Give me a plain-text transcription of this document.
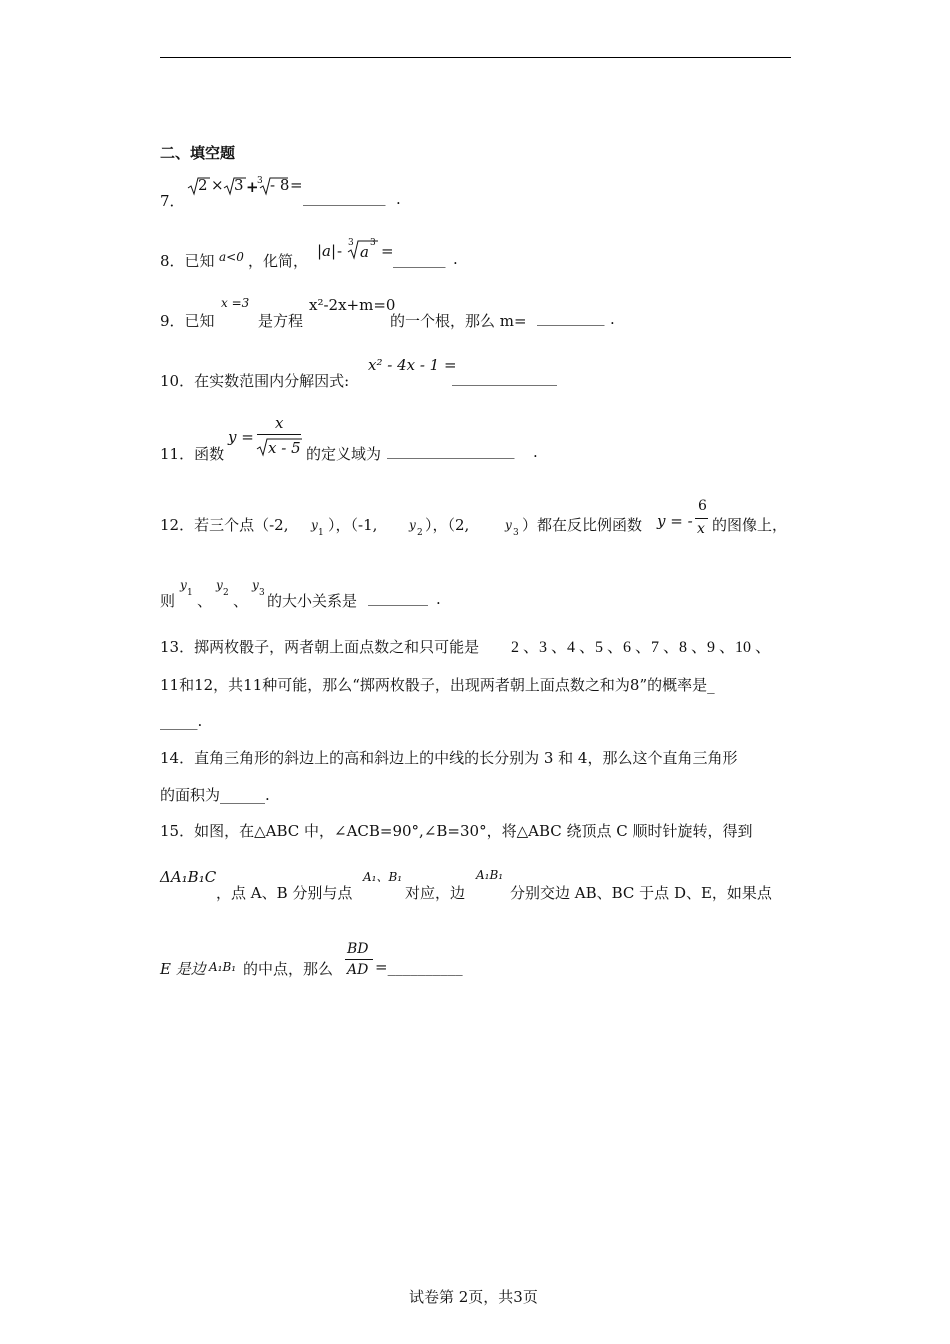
二、填空题
7．
2 × 3 +
3 - 8 =
___________ .
8．已知 a<0 ，化简，
|a| - 3 a 3 = _______ .
9．已知
x =3
是方程
x²-2x+m=0
的一个根，那么 m= _________ .
10．在实数范围内分解因式:
x² - 4x - 1 =
______________
11．函数
y =
x
x - 5 的定义域为 _________________ .
12．若三个点（-2, y
1 ），（-1,	y
2 ），（2,	y
3 ）都在反比例函数 y = -
6
x 的图像上，
则
y
1 、
y
2 、
y
3 的大小关系是 ________ .
13．掷两枚骰子，两者朝上面点数之和只可能是 2 、3 、4 、5 、6 、7 、8 、9 、10 、
11和12，共11种可能，那么“掷两枚骰子，出现两者朝上面点数之和为8”的概率是_
_____.
14．直角三角形的斜边上的高和斜边上的中线的长分别为 3 和 4，那么这个直角三角形
的面积为______.
15．如图，在△ABC 中，∠ACB=90°,∠B=30°，将△ABC 绕顶点 C 顺时针旋转，得到
ΔA₁B₁C
，点 A、B 分别与点
A₁、B₁
对应，边
A₁B₁
分别交边 AB、BC 于点 D、E，如果点
E 是边 A₁B₁ 的中点，那么
BD
AD =__________
试卷第 2页，共3页
